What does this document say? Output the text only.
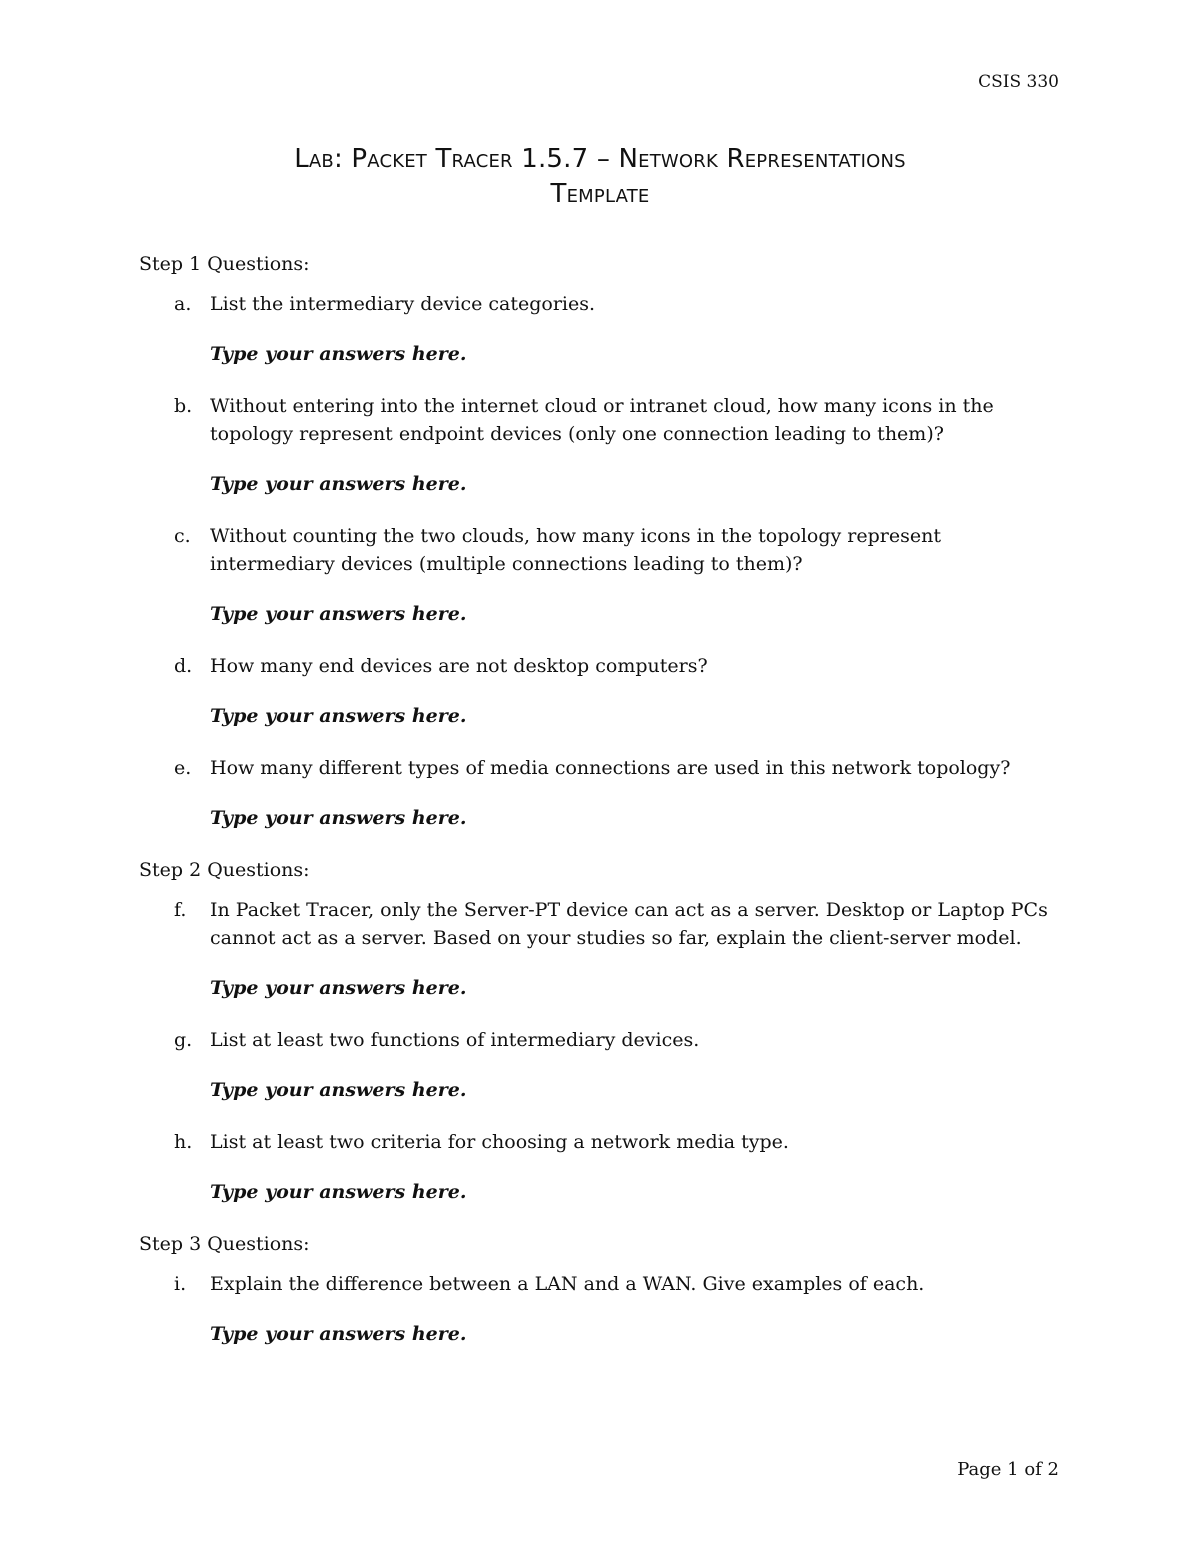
CSIS 330
Lab: Packet Tracer 1.5.7 – Network Representations
Template

Step 1 Questions:

a. List the intermediary device categories.
Type your answers here.
b. Without entering into the internet cloud or intranet cloud, how many icons in the topology represent endpoint devices (only one connection leading to them)?
Type your answers here.
c.	Without counting the two clouds, how many icons in the topology represent intermediary devices (multiple connections leading to them)?
Type your answers here.
d. How many end devices are not desktop computers?
Type your answers here.
e. How many different types of media connections are used in this network topology?
Type your answers here.

Step 2 Questions:

f.	In Packet Tracer, only the Server-PT device can act as a server. Desktop or Laptop PCs cannot act as a server. Based on your studies so far, explain the client-server model.
Type your answers here.
g. List at least two functions of intermediary devices.
Type your answers here.
h. List at least two criteria for choosing a network media type.
Type your answers here.

Step 3 Questions:

i.	Explain the difference between a LAN and a WAN. Give examples of each.
Type your answers here.
Page 1 of 2
